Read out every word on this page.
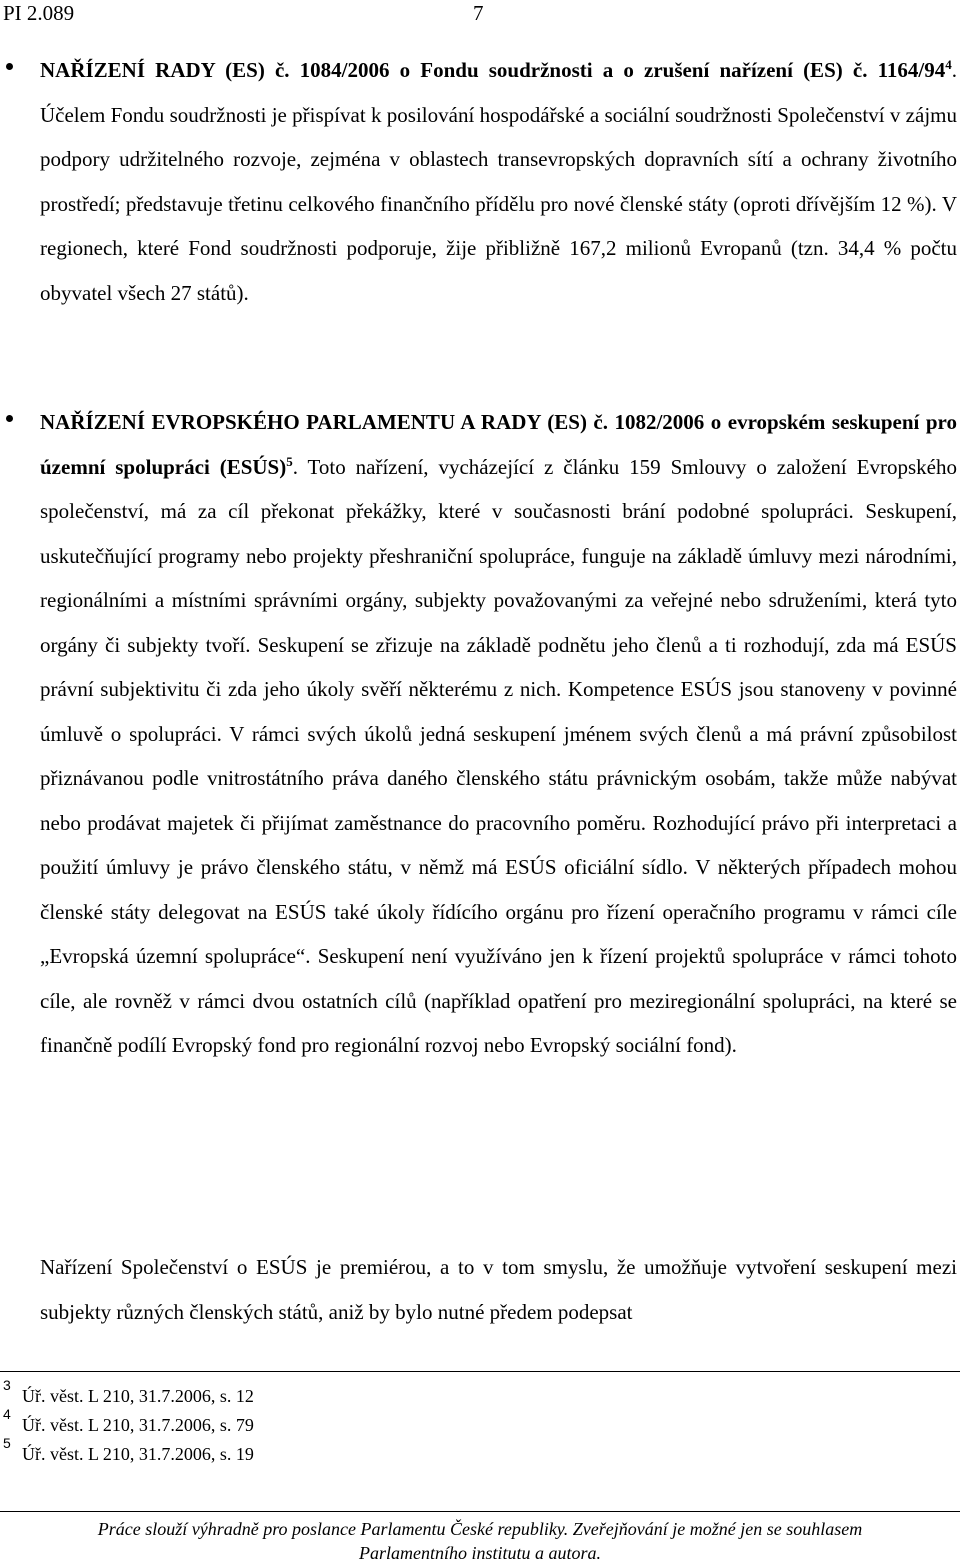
PI 2.089	7

NAŘÍZENÍ RADY (ES) č. 1084/2006 o Fondu soudržnosti a o zrušení nařízení (ES) č. $1164/94^4$. Účelem Fondu soudržnosti je přispívat k posilování hospodářské a sociální soudržnosti Společenství v zájmu podpory udržitelného rozvoje, zejména v oblastech transevropských dopravních sítí a ochrany životního prostředí; představuje třetinu celkového finančního přídělu pro nové členské státy (oproti dřívějším 12 %). V regionech, které Fond soudržnosti podporuje, žije přibližně 167,2 milionů Evropanů (tzn. 34,4 % počtu obyvatel všech 27 států).

NAŘÍZENÍ EVROPSKÉHO PARLAMENTU A RADY (ES) č. 1082/2006 o evropském seskupení pro územní spolupráci (ESÚS)$^5$. Toto nařízení, vycházející z článku 159 Smlouvy o založení Evropského společenství, má za cíl překonat překážky, které v současnosti brání podobné spolupráci. Seskupení, uskutečňující programy nebo projekty přeshraniční spolupráce, funguje na základě úmluvy mezi národními, regionálními a místními správními orgány, subjekty považovanými za veřejné nebo sdruženími, která tyto orgány či subjekty tvoří. Seskupení se zřizuje na základě podnětu jeho členů a ti rozhodují, zda má ESÚS právní subjektivitu či zda jeho úkoly svěří některému z nich. Kompetence ESÚS jsou stanoveny v povinné úmluvě o spolupráci. V rámci svých úkolů jedná seskupení jménem svých členů a má právní způsobilost přiznávanou podle vnitrostátního práva daného členského státu právnickým osobám, takže může nabývat nebo prodávat majetek či přijímat zaměstnance do pracovního poměru. Rozhodující právo při interpretaci a použití úmluvy je právo členského státu, v němž má ESÚS oficiální sídlo. V některých případech mohou členské státy delegovat na ESÚS také úkoly řídícího orgánu pro řízení operačního programu v rámci cíle „Evropská územní spolupráce“. Seskupení není využíváno jen k řízení projektů spolupráce v rámci tohoto cíle, ale rovněž v rámci dvou ostatních cílů (například opatření pro meziregionální spolupráci, na které se finančně podílí Evropský fond pro regionální rozvoj nebo Evropský sociální fond).

Nařízení Společenství o ESÚS je premiérou, a to v tom smyslu, že umožňuje vytvoření seskupení mezi subjekty různých členských států, aniž by bylo nutné předem podepsat

3
Úř. věst. L 210, 31.7.2006, s. 12
4
Úř. věst. L 210, 31.7.2006, s. 79
5
Úř. věst. L 210, 31.7.2006, s. 19
Práce slouží výhradně pro poslance Parlamentu České republiky. Zveřejňování je možné jen se souhlasem
Parlamentního institutu a autora.
